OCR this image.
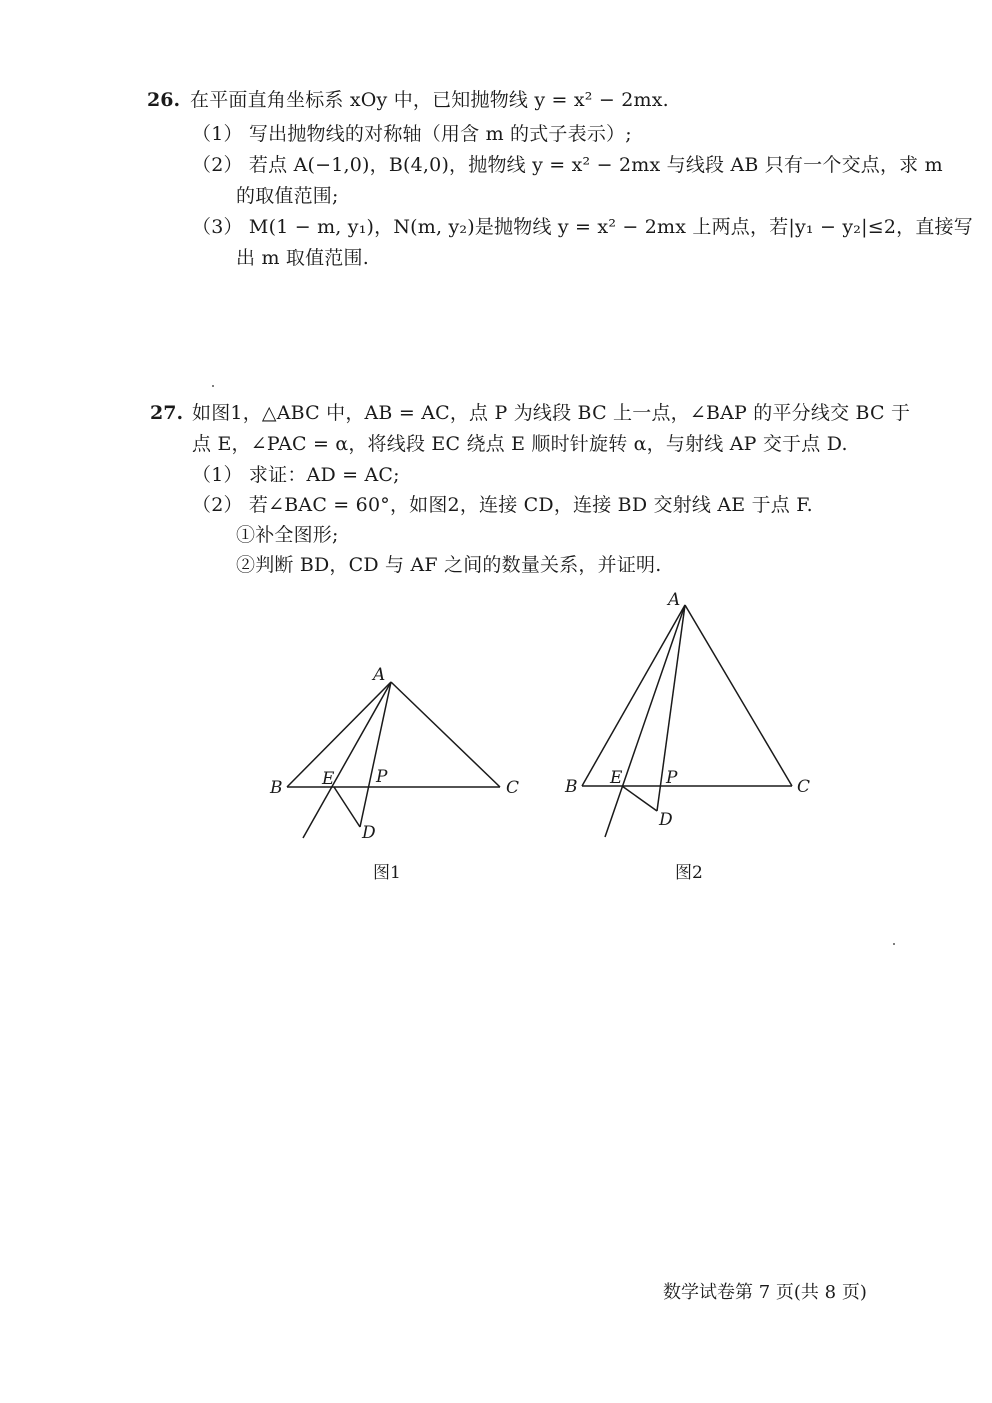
26. 在平面直角坐标系 xOy 中，已知抛物线 y = x² − 2mx.
（1） 写出抛物线的对称轴（用含 m 的式子表示）;
（2） 若点 A(−1,0)，B(4,0)，抛物线 y = x² − 2mx 与线段 AB 只有一个交点，求 m
的取值范围;
（3） M(1 − m, y₁)，N(m, y₂)是抛物线 y = x² − 2mx 上两点，若|y₁ − y₂|≤2，直接写
出 m 取值范围.
27. 如图1，△ABC 中，AB = AC，点 P 为线段 BC 上一点，∠BAP 的平分线交 BC 于
点 E，∠PAC = α，将线段 EC 绕点 E 顺时针旋转 α，与射线 AP 交于点 D.
（1） 求证：AD = AC;
（2） 若∠BAC = 60°，如图2，连接 CD，连接 BD 交射线 AE 于点 F.
①补全图形;
②判断 BD，CD 与 AF 之间的数量关系，并证明.
A
B	C
E P
D
图1
A
B	C
E	P
D
图2
数学试卷第 7 页(共 8 页)
